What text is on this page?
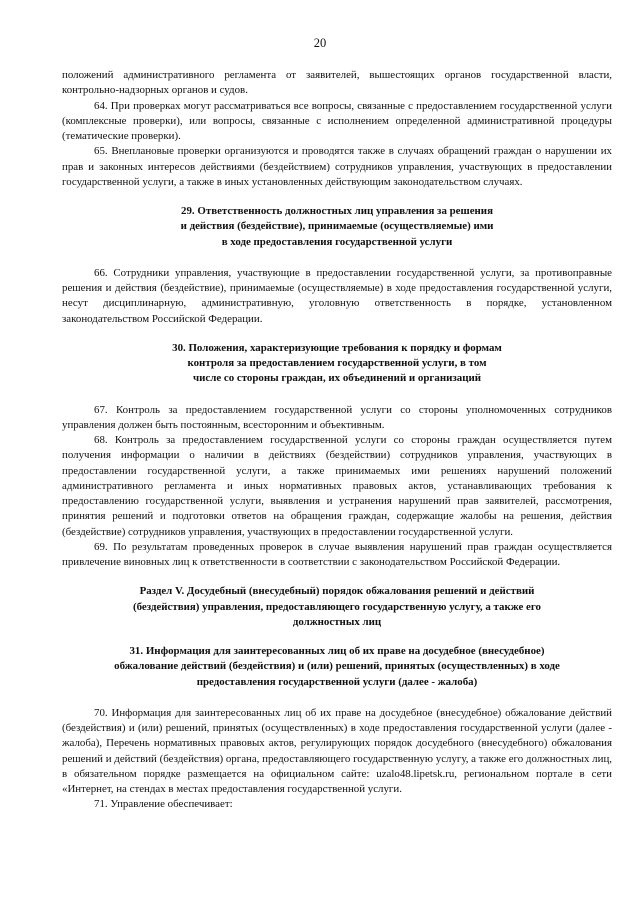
20

положений административного регламента от заявителей, вышестоящих органов государственной власти, контрольно-надзорных органов и судов.

64. При проверках могут рассматриваться все вопросы, связанные с предоставлением государственной услуги (комплексные проверки), или вопросы, связанные с исполнением определенной административной процедуры (тематические проверки).

65. Внеплановые проверки организуются и проводятся также в случаях обращений граждан о нарушении их прав и законных интересов действиями (бездействием) сотрудников управления, участвующих в предоставлении государственной услуги, а также в иных установленных действующим законодательством случаях.

29. Ответственность должностных лиц управления за решения
и действия (бездействие), принимаемые (осуществляемые) ими
в ходе предоставления государственной услуги

66. Сотрудники управления, участвующие в предоставлении государственной услуги, за противоправные решения и действия (бездействие), принимаемые (осуществляемые) в ходе предоставления государственной услуги, несут дисциплинарную, административную, уголовную ответственность в порядке, установленном законодательством Российской Федерации.

30. Положения, характеризующие требования к порядку и формам
контроля за предоставлением государственной услуги, в том
числе со стороны граждан, их объединений и организаций

67. Контроль за предоставлением государственной услуги со стороны уполномоченных сотрудников управления должен быть постоянным, всесторонним и объективным.

68. Контроль за предоставлением государственной услуги со стороны граждан осуществляется путем получения информации о наличии в действиях (бездействии) сотрудников управления, участвующих в предоставлении государственной услуги, а также принимаемых ими решениях нарушений положений административного регламента и иных нормативных правовых актов, устанавливающих требования к предоставлению государственной услуги, выявления и устранения нарушений прав заявителей, рассмотрения, принятия решений и подготовки ответов на обращения граждан, содержащие жалобы на решения, действия (бездействие) сотрудников управления, участвующих в предоставлении государственной услуги.

69. По результатам проведенных проверок в случае выявления нарушений прав граждан осуществляется привлечение виновных лиц к ответственности в соответствии с законодательством Российской Федерации.

Раздел V. Досудебный (внесудебный) порядок обжалования решений и действий
(бездействия) управления, предоставляющего государственную услугу, а также его
должностных лиц
31. Информация для заинтересованных лиц об их праве на досудебное (внесудебное)
обжалование действий (бездействия) и (или) решений, принятых (осуществленных) в ходе
предоставления государственной услуги (далее - жалоба)

70. Информация для заинтересованных лиц об их праве на досудебное (внесудебное) обжалование действий (бездействия) и (или) решений, принятых (осуществленных) в ходе предоставления государственной услуги (далее - жалоба), Перечень нормативных правовых актов, регулирующих порядок досудебного (внесудебного) обжалования решений и действий (бездействия) органа, предоставляющего государственную услугу, а также его должностных лиц, в обязательном порядке размещается на официальном сайте: uzalo48.lipetsk.ru, региональном портале в сети «Интернет, на стендах в местах предоставления государственной услуги.

71. Управление обеспечивает:
